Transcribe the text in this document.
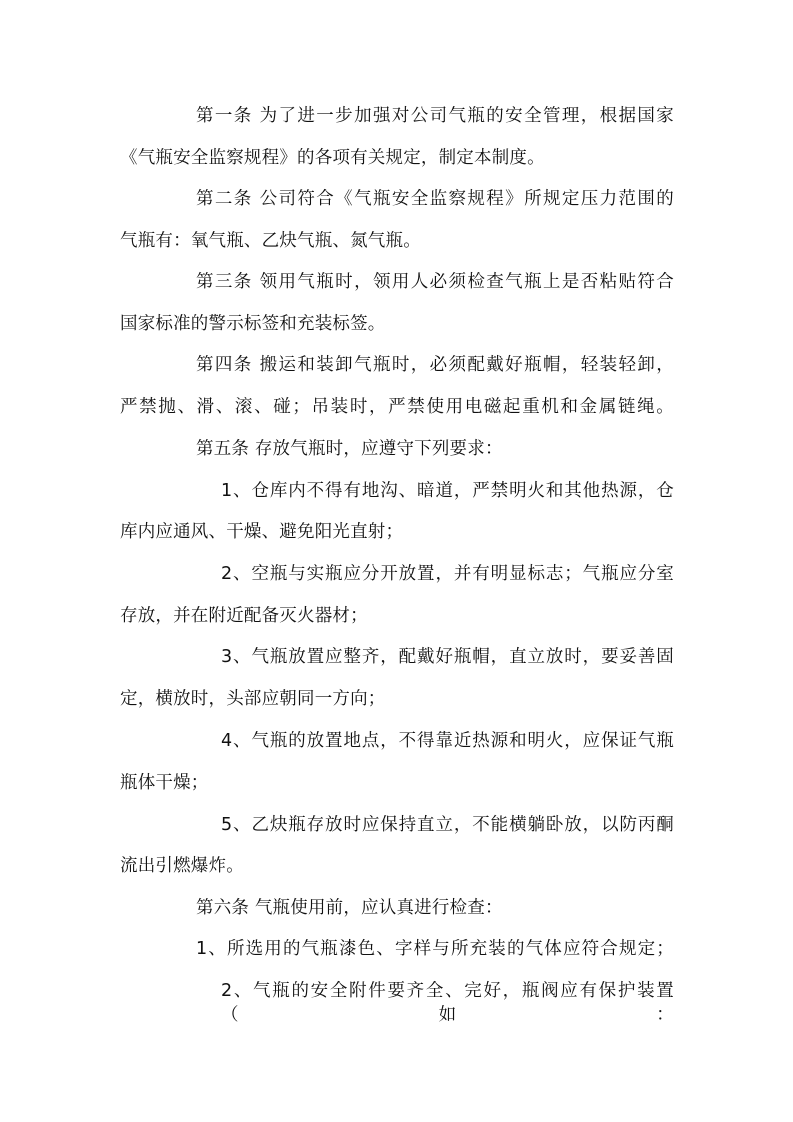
第一条 为了进一步加强对公司气瓶的安全管理，根据国家
《气瓶安全监察规程》的各项有关规定，制定本制度。
第二条 公司符合《气瓶安全监察规程》所规定压力范围的
气瓶有：氧气瓶、乙炔气瓶、氮气瓶。
第三条 领用气瓶时，领用人必须检查气瓶上是否粘贴符合
国家标准的警示标签和充装标签。
第四条 搬运和装卸气瓶时，必须配戴好瓶帽，轻装轻卸，
严禁抛、滑、滚、碰；吊装时，严禁使用电磁起重机和金属链绳。
第五条 存放气瓶时，应遵守下列要求：
1、仓库内不得有地沟、暗道，严禁明火和其他热源，仓
库内应通风、干燥、避免阳光直射；
2、空瓶与实瓶应分开放置，并有明显标志；气瓶应分室
存放，并在附近配备灭火器材；
3、气瓶放置应整齐，配戴好瓶帽，直立放时，要妥善固
定，横放时，头部应朝同一方向；
4、气瓶的放置地点，不得靠近热源和明火，应保证气瓶
瓶体干燥；
5、乙炔瓶存放时应保持直立，不能横躺卧放，以防丙酮
流出引燃爆炸。
第六条 气瓶使用前，应认真进行检查：
1、所选用的气瓶漆色、字样与所充装的气体应符合规定；
2、气瓶的安全附件要齐全、完好，瓶阀应有保护装置（如：
